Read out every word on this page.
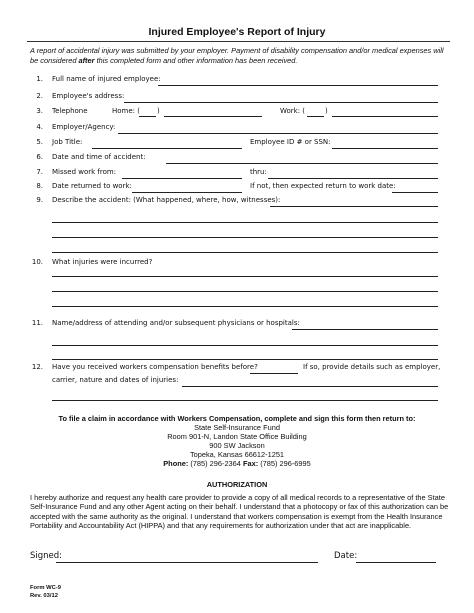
Injured Employee's Report of Injury
A report of accidental injury was submitted by your employer. Payment of disability compensation and/or medical expenses will be considered after this completed form and other information has been received.
1. Full name of injured employee:
2. Employee's address:
3. Telephone	Home: ( )	Work: (	)
4. Employer/Agency:
5. Job Title:	Employee ID # or SSN:
6. Date and time of accident:
7. Missed work from:	thru:
8. Date returned to work:	If not, then expected return to work date:
9. Describe the accident: (What happened, where, how, witnesses):
10. What injuries were incurred?
11. Name/address of attending and/or subsequent physicians or hospitals:
12. Have you received workers compensation benefits before?	If so, provide details such as employer,
carrier, nature and dates of injuries:
To file a claim in accordance with Workers Compensation, complete and sign this form then return to:
State Self-Insurance Fund
Room 901-N, Landon State Office Building
900 SW Jackson
Topeka, Kansas 66612-1251
Phone: (785) 296-2364 Fax: (785) 296-6995
AUTHORIZATION
I hereby authorize and request any health care provider to provide a copy of all medical records to a representative of the State Self-Insurance Fund and any other Agent acting on their behalf. I understand that a photocopy or fax of this authorization can be accepted with the same authority as the original. I understand that workers compensation is exempt from the Health Insurance Portability and Accountability Act (HIPPA) and that any requirements for authorization under that act are inapplicable.
Signed:	Date:
Form WC-9
Rev. 03/12
